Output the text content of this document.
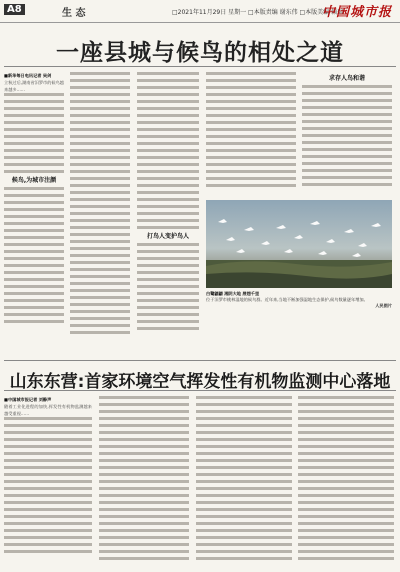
A8	生 态	□2021年11月29日 星期一 □本版责编 谢东伟 □本版美编 赖瑞
中国城市报
一座县城与候鸟的相处之道
■新华每日电讯记者 吴剑
立秋过后,湖南省汨罗市的候鸟越来越多……
候鸟,为城市注颜
打鸟人变护鸟人
求存人鸟和谐
白鹭翩翩 湘阴大地 展翅千里
位于汨罗市桃林湿地的候鸟群。近年来,当地不断加强湿地生态保护,候鸟数量逐年增加。
人民图片
山东东营:首家环境空气挥发性有机物监测中心落地
■中国城市报记者 刘静声
随着工业化进程的加快,挥发性有机物监测越来越受重视……
